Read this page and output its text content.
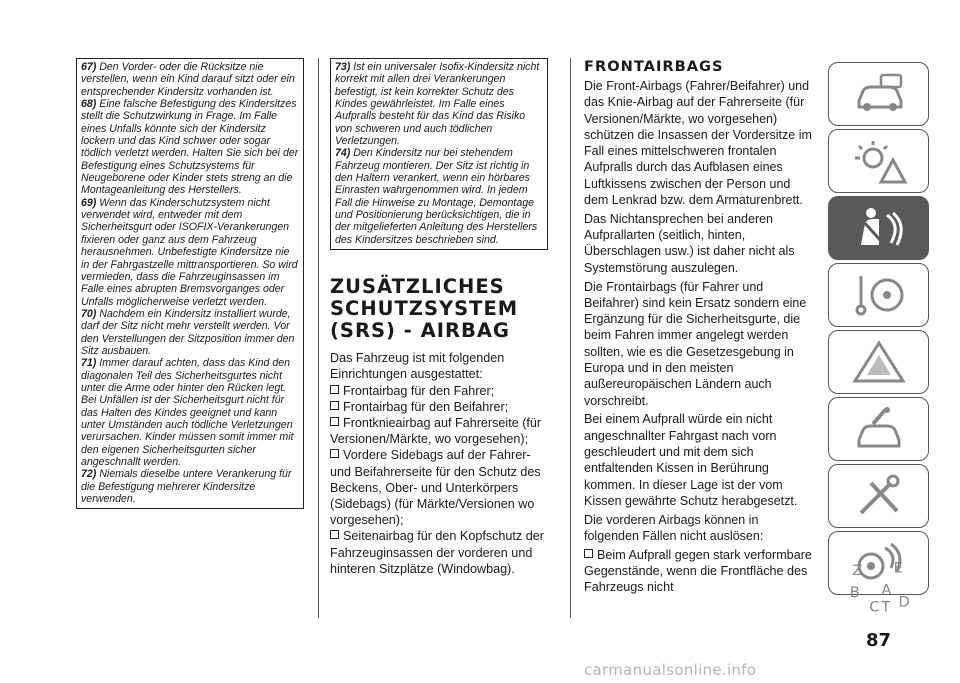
67) Den Vorder- oder die Rücksitze nie verstellen, wenn ein Kind darauf sitzt oder ein entsprechender Kindersitz vorhanden ist.

68) Eine falsche Befestigung des Kindersitzes stellt die Schutzwirkung in Frage. Im Falle eines Unfalls könnte sich der Kindersitz lockern und das Kind schwer oder sogar tödlich verletzt werden. Halten Sie sich bei der Befestigung eines Schutzsystems für Neugeborene oder Kinder stets streng an die Montageanleitung des Herstellers.

69) Wenn das Kinderschutzsystem nicht verwendet wird, entweder mit dem Sicherheitsgurt oder ISOFIX-Verankerungen fixieren oder ganz aus dem Fahrzeug herausnehmen. Unbefestigte Kindersitze nie in der Fahrgastzelle mittransportieren. So wird vermieden, dass die Fahrzeuginsassen im Falle eines abrupten Bremsvorganges oder Unfalls möglicherweise verletzt werden.

70) Nachdem ein Kindersitz installiert wurde, darf der Sitz nicht mehr verstellt werden. Vor den Verstellungen der Sitzposition immer den Sitz ausbauen.

71) Immer darauf achten, dass das Kind den diagonalen Teil des Sicherheitsgurtes nicht unter die Arme oder hinter den Rücken legt. Bei Unfällen ist der Sicherheitsgurt nicht für das Halten des Kindes geeignet und kann unter Umständen auch tödliche Verletzungen verursachen. Kinder müssen somit immer mit den eigenen Sicherheitsgurten sicher angeschnallt werden.

72) Niemals dieselbe untere Verankerung für die Befestigung mehrerer Kindersitze verwenden.

73) Ist ein universaler Isofix-Kindersitz nicht korrekt mit allen drei Verankerungen befestigt, ist kein korrekter Schutz des Kindes gewährleistet. Im Falle eines Aufpralls besteht für das Kind das Risiko von schweren und auch tödlichen Verletzungen.

74) Den Kindersitz nur bei stehendem Fahrzeug montieren. Der Sitz ist richtig in den Haltern verankert, wenn ein hörbares Einrasten wahrgenommen wird. In jedem Fall die Hinweise zu Montage, Demontage und Positionierung berücksichtigen, die in der mitgelieferten Anleitung des Herstellers des Kindersitzes beschrieben sind.

ZUSÄTZLICHES SCHUTZSYSTEM (SRS) - AIRBAG

Das Fahrzeug ist mit folgenden Einrichtungen ausgestattet:

Frontairbag für den Fahrer;

Frontairbag für den Beifahrer;

Frontknieairbag auf Fahrerseite (für Versionen/Märkte, wo vorgesehen);

Vordere Sidebags auf der Fahrer- und Beifahrerseite für den Schutz des Beckens, Ober- und Unterkörpers (Sidebags) (für Märkte/Versionen wo vorgesehen);

Seitenairbag für den Kopfschutz der Fahrzeuginsassen der vorderen und hinteren Sitzplätze (Windowbag).

FRONTAIRBAGS

Die Front-Airbags (Fahrer/Beifahrer) und das Knie-Airbag auf der Fahrerseite (für Versionen/Märkte, wo vorgesehen) schützen die Insassen der Vordersitze im Fall eines mittelschweren frontalen Aufpralls durch das Aufblasen eines Luftkissens zwischen der Person und dem Lenkrad bzw. dem Armaturenbrett.

Das Nichtansprechen bei anderen Aufprallarten (seitlich, hinten, Überschlagen usw.) ist daher nicht als Systemstörung auszulegen.

Die Frontairbags (für Fahrer und Beifahrer) sind kein Ersatz sondern eine Ergänzung für die Sicherheitsgurte, die beim Fahren immer angelegt werden sollten, wie es die Gesetzesgebung in Europa und in den meisten außereuropäischen Ländern auch vorschreibt.

Bei einem Aufprall würde ein nicht angeschnallter Fahrgast nach vorn geschleudert und mit dem sich entfaltenden Kissen in Berührung kommen. In dieser Lage ist der vom Kissen gewährte Schutz herabgesetzt.

Die vorderen Airbags können in folgenden Fällen nicht auslösen:

Beim Aufprall gegen stark verformbare Gegenstände, wenn die Frontfläche des Fahrzeugs nicht

Z	E
B A
C T D
87
carmanualsonline.info
